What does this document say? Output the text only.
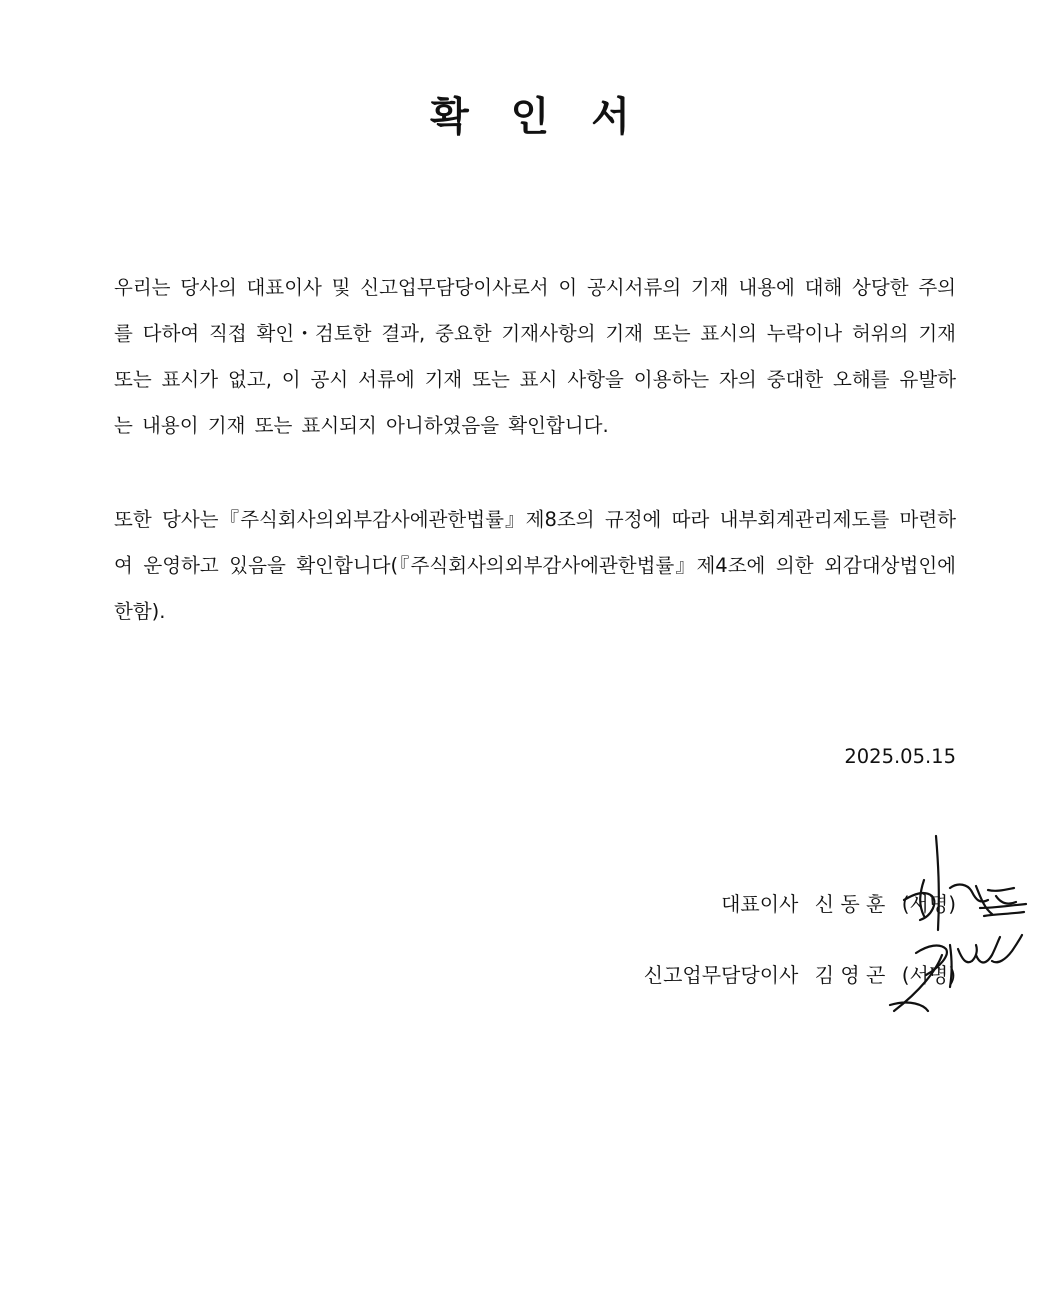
확 인 서

우리는 당사의 대표이사 및 신고업무담당이사로서 이 공시서류의 기재 내용에 대해 상당한 주의를 다하여 직접 확인・검토한 결과, 중요한 기재사항의 기재 또는 표시의 누락이나 허위의 기재 또는 표시가 없고, 이 공시 서류에 기재 또는 표시 사항을 이용하는 자의 중대한 오해를 유발하는 내용이 기재 또는 표시되지 아니하였음을 확인합니다.

또한 당사는『주식회사의외부감사에관한법률』제8조의 규정에 따라 내부회계관리제도를 마련하여 운영하고 있음을 확인합니다(『주식회사의외부감사에관한법률』제4조에 의한 외감대상법인에 한함).

2025.05.15
대표이사 신 동 훈 (서명)
신고업무담당이사 김 영 곤 (서명)
